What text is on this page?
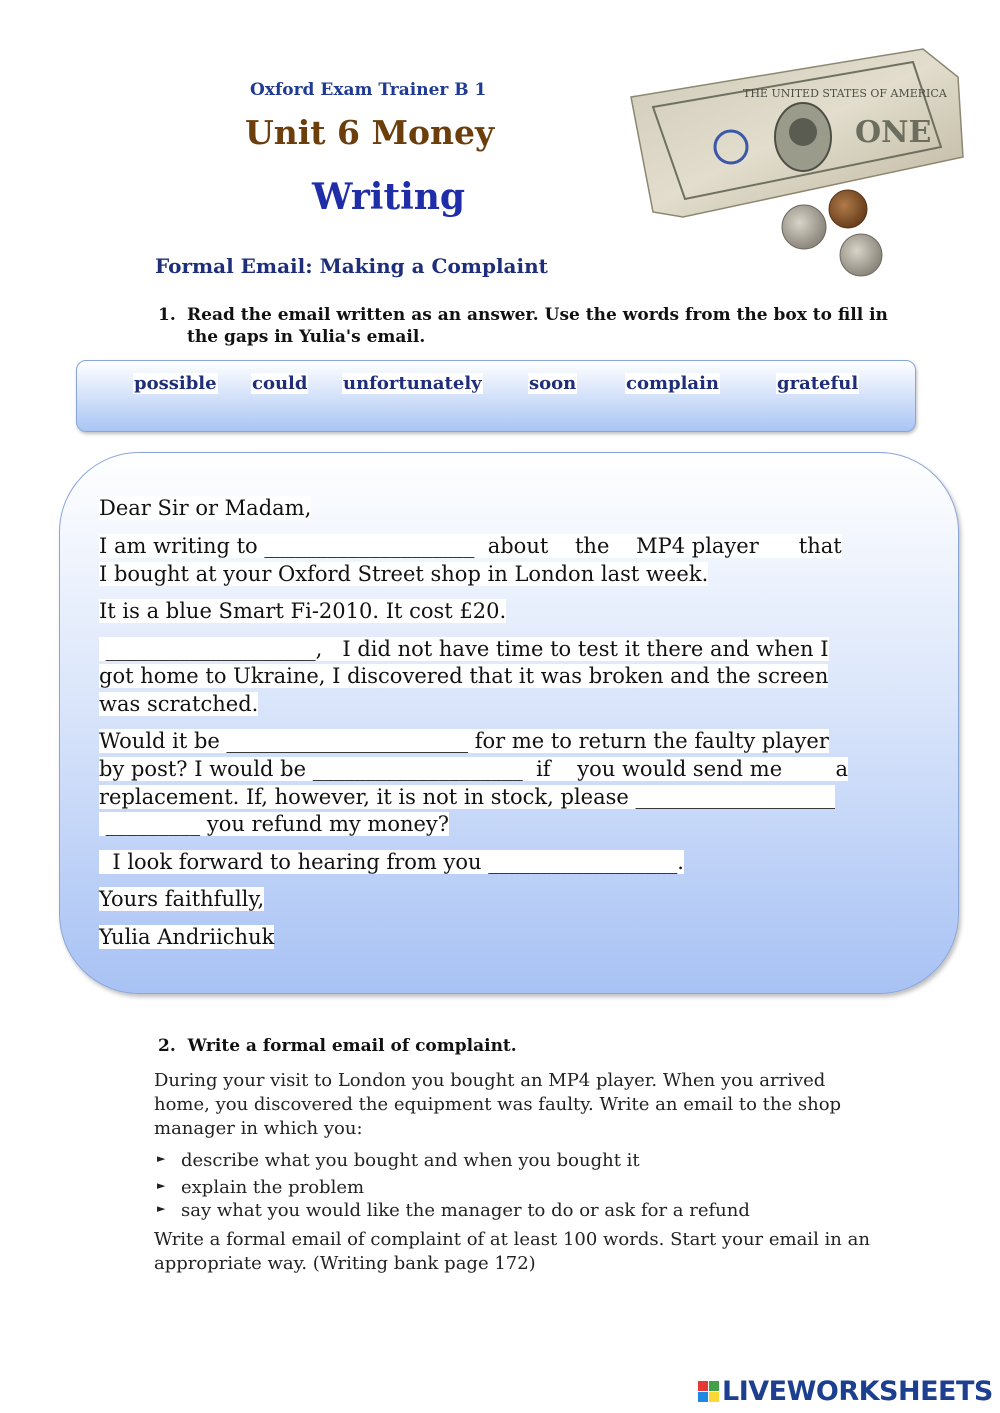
Oxford Exam Trainer B 1
Unit 6 Money
Writing
Formal Email: Making a Complaint
ONE
THE UNITED STATES OF AMERICA
1. Read the email written as an answer. Use the words from the box to fill in the gaps in Yulia's email.
possible could unfortunately	soon	complain	grateful
Dear Sir or Madam,
I am writing to ____________________  about    the    MP4 player      that
I bought at your Oxford Street shop in London last week.
It is a blue Smart Fi-2010. It cost £20.
____________________,   I did not have time to test it there and when I
got home to Ukraine, I discovered that it was broken and the screen
was scratched.
Would it be _______________________ for me to return the faulty player
by post? I would be ____________________  if    you would send me        a
replacement. If, however, it is not in stock, please ___________________
_________ you refund my money?
I look forward to hearing from you __________________.
Yours faithfully,
Yulia Andriichuk
2. Write a formal email of complaint.
During your visit to London you bought an MP4 player. When you arrived
home, you discovered the equipment was faulty. Write an email to the shop
manager in which you:
► describe what you bought and when you bought it
► explain the problem
► say what you would like the manager to do or ask for a refund
Write a formal email of complaint of at least 100 words. Start your email in an
appropriate way. (Writing bank page 172)
LIVEWORKSHEETS
